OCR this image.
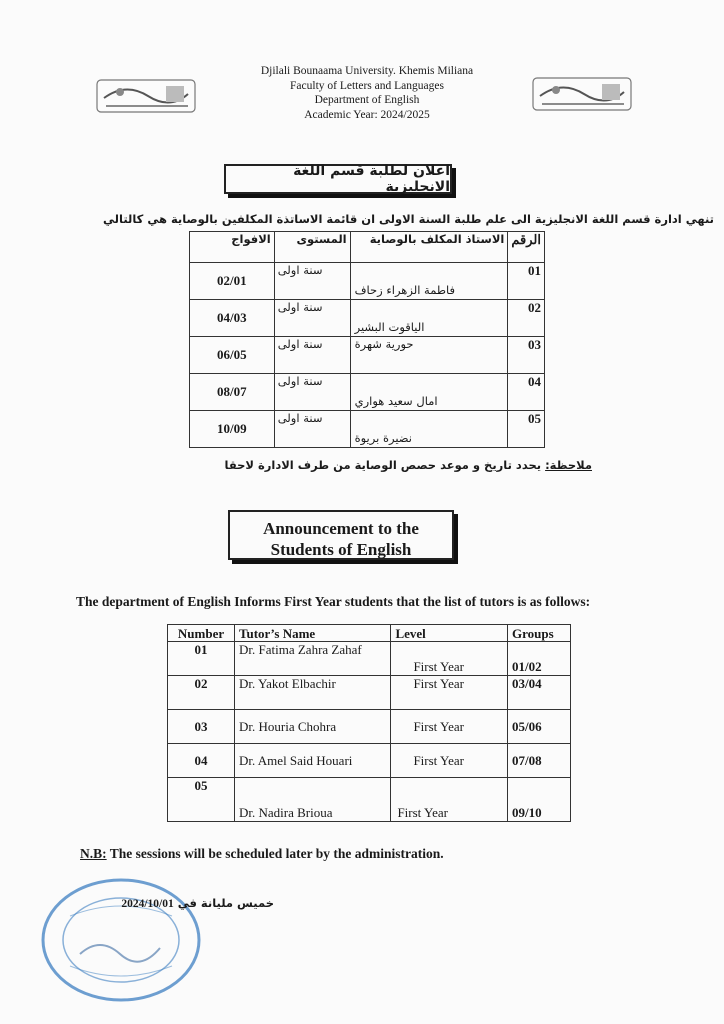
Djilali Bounaama University. Khemis Miliana
Faculty of Letters and Languages
Department of English
Academic Year: 2024/2025
اعلان لطلبة قسم اللغة الانجليزية
تنهي ادارة قسم اللغة الانجليزية الى علم طلبة السنة الاولى ان قائمة الاساتذة المكلفين بالوصاية هي كالتالي
الرقم	الاستاذ المكلف بالوصاية	المستوى	الافواج
01	فاطمة الزهراء زحاف	سنة اولى	02/01
02	الياقوت البشير	سنة اولى	04/03
03	حورية شهرة	سنة اولى	06/05
04	امال سعيد هواري	سنة اولى	08/07
05	نضيرة بريوة	سنة اولى	10/09
ملاحظة: يحدد تاريخ و موعد حصص الوصاية من طرف الادارة لاحقا
Announcement to the
Students of English
The department of English Informs First Year students that the list of tutors is as follows:
Number	Tutor’s Name	Level	Groups
01	Dr. Fatima Zahra Zahaf	First Year	01/02
02	Dr. Yakot Elbachir	First Year	03/04
03	Dr. Houria Chohra	First Year	05/06
04	Dr. Amel Said Houari	First Year	07/08
05	Dr. Nadira Brioua	First Year	09/10
N.B: The sessions will be scheduled later by the administration.
خميس مليانة في 2024/10/01
